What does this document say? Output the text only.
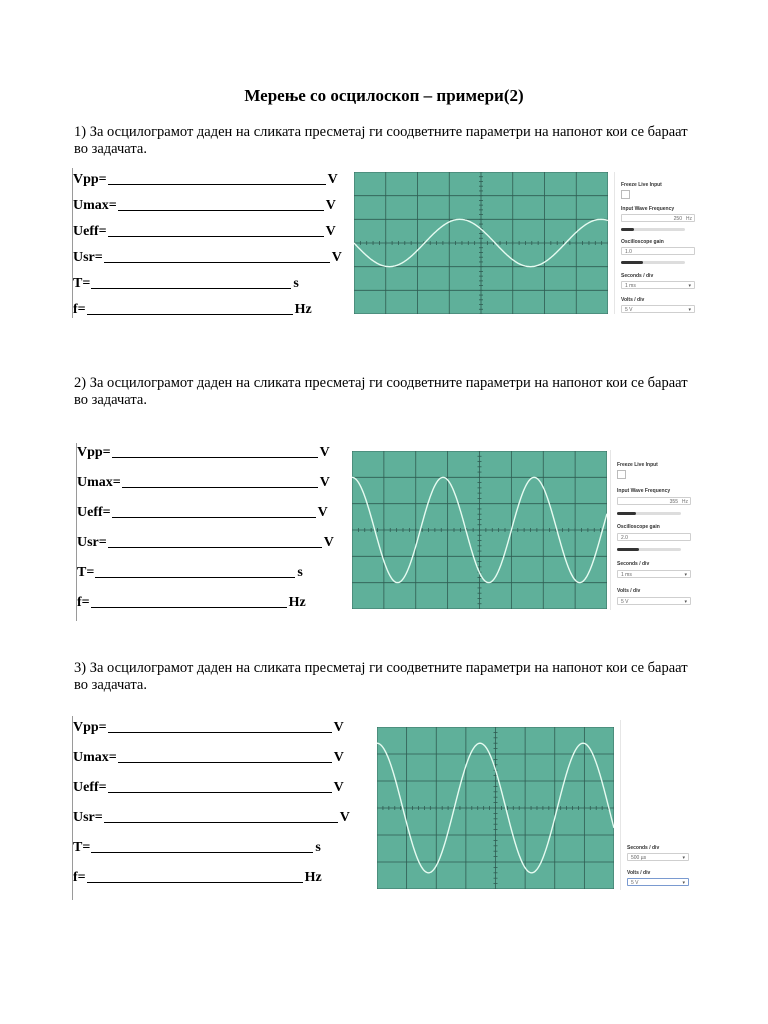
Мерење со осцилоскоп – примери(2)
1) За осцилограмот даден на сликата пресметај ги соодветните параметри на напонот кои се бараат во задачата.
Vpp=	V
Umax=	V
Ueff=	V
Usr=	V
T=	s
f=	Hz
Freeze Live Input
Input Wave Frequency
250 Hz
Oscilloscope gain
1.0
Seconds / div
1 ms	▾
Volts / div
5 V	▾
2) За осцилограмот даден на сликата пресметај ги соодветните параметри на напонот кои се бараат во задачата.
Vpp=	V
Umax=	V
Ueff=	V
Usr=	V
T=	s
f=	Hz
Freeze Live Input
Input Wave Frequency
355 Hz
Oscilloscope gain
2.0
Seconds / div
1 ms	▾
Volts / div
5 V	▾
3) За осцилограмот даден на сликата пресметај ги соодветните параметри на напонот кои се бараат во задачата.
Vpp=	V
Umax=	V
Ueff=	V
Usr=	V
T=	s
f=	Hz
Seconds / div
500 µs	▾
Volts / div
5 V	▾
